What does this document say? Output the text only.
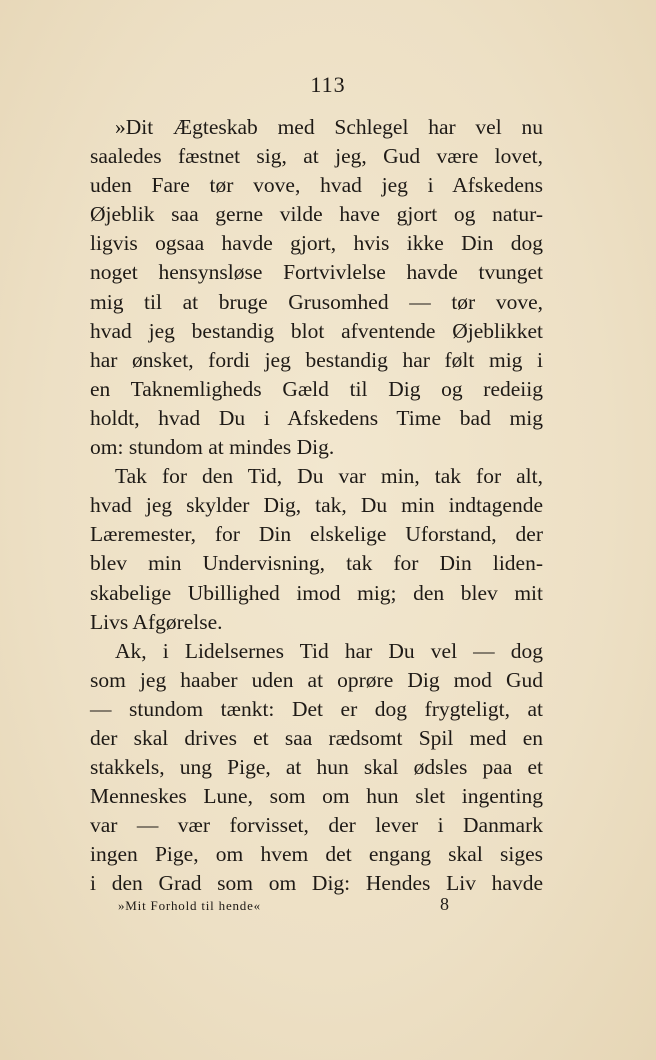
113
»Dit Ægteskab med Schlegel har vel nu
saaledes fæstnet sig, at jeg, Gud være lovet,
uden Fare tør vove, hvad jeg i Afskedens
Øjeblik saa gerne vilde have gjort og natur-
ligvis ogsaa havde gjort, hvis ikke Din dog
noget hensynsløse Fortvivlelse havde tvunget
mig til at bruge Grusomhed — tør vove,
hvad jeg bestandig blot afventende Øjeblikket
har ønsket, fordi jeg bestandig har følt mig i
en Taknemligheds Gæld til Dig og redeiig
holdt, hvad Du i Afskedens Time bad mig
om: stundom at mindes Dig.
Tak for den Tid, Du var min, tak for alt,
hvad jeg skylder Dig, tak, Du min indtagende
Læremester, for Din elskelige Uforstand, der
blev min Undervisning, tak for Din liden-
skabelige Ubillighed imod mig; den blev mit
Livs Afgørelse.
Ak, i Lidelsernes Tid har Du vel — dog
som jeg haaber uden at oprøre Dig mod Gud
— stundom tænkt: Det er dog frygteligt, at
der skal drives et saa rædsomt Spil med en
stakkels, ung Pige, at hun skal ødsles paa et
Menneskes Lune, som om hun slet ingenting
var — vær forvisset, der lever i Danmark
ingen Pige, om hvem det engang skal siges
i den Grad som om Dig: Hendes Liv havde
»Mit Forhold til hende«	8
